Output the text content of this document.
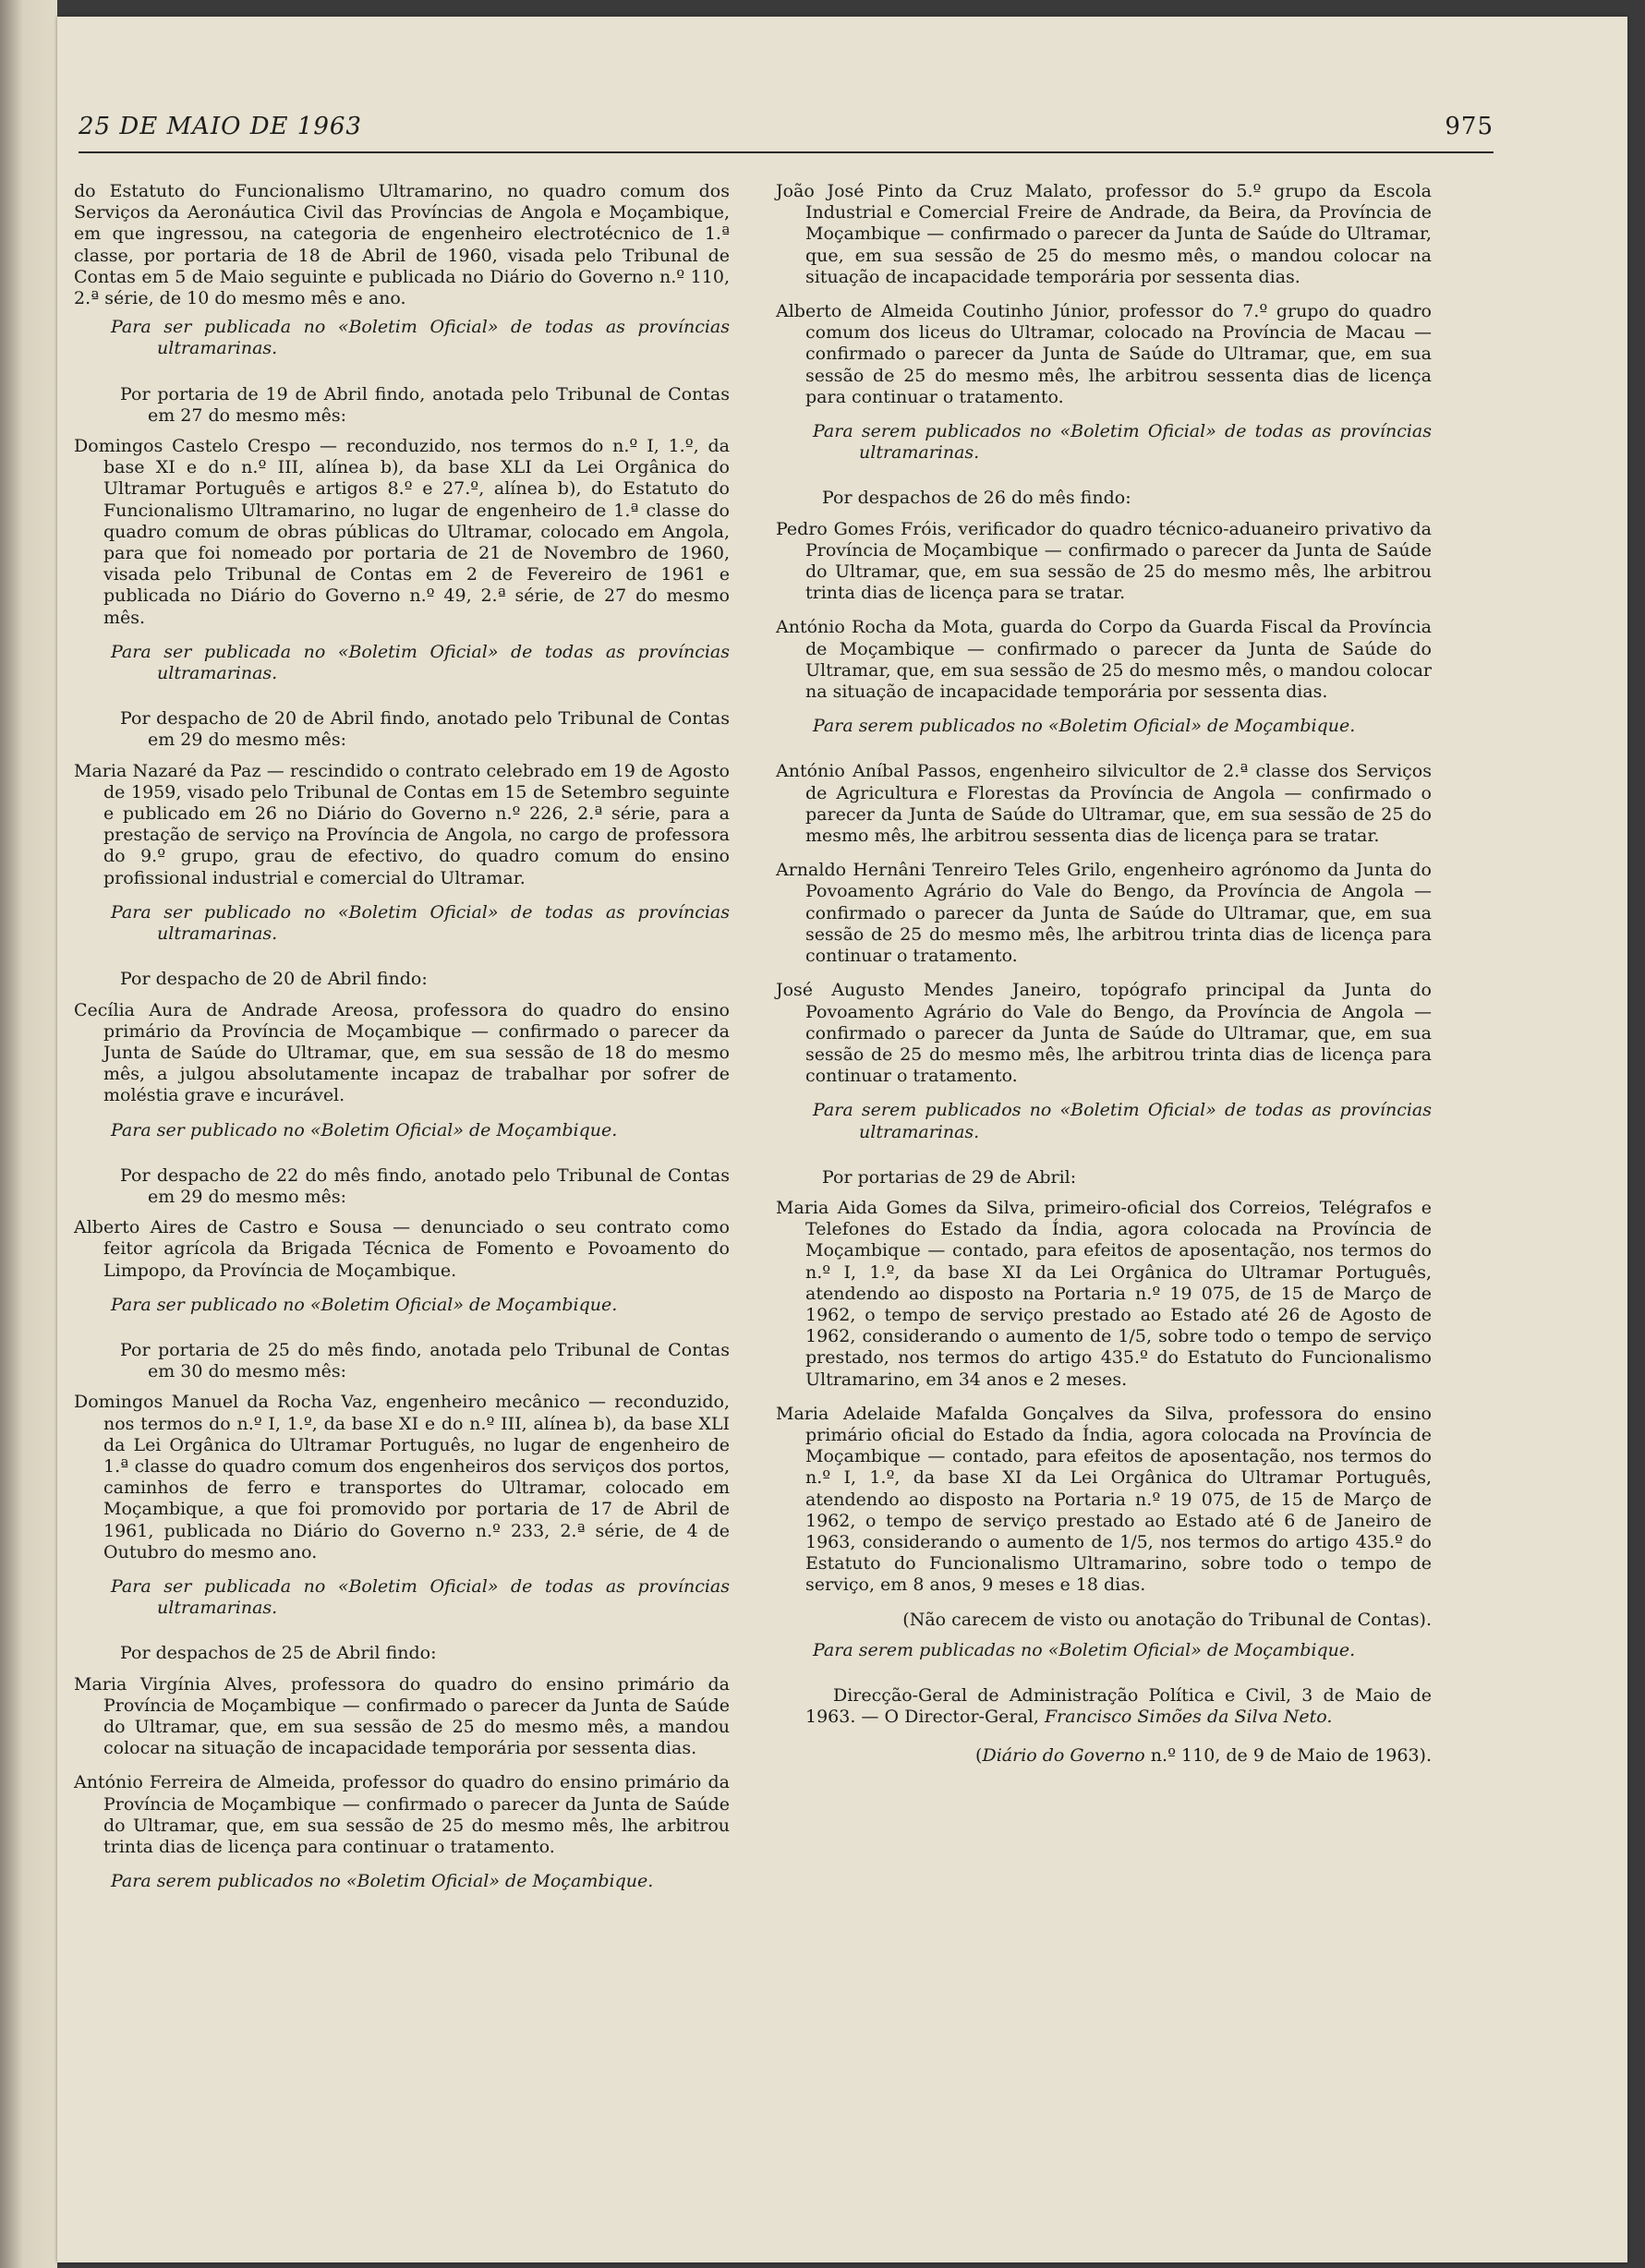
25 DE MAIO DE 1963	975

do Estatuto do Funcionalismo Ultramarino, no quadro comum dos Serviços da Aeronáutica Civil das Províncias de Angola e Moçambique, em que ingressou, na categoria de engenheiro electrotécnico de 1.ª classe, por portaria de 18 de Abril de 1960, visada pelo Tribunal de Contas em 5 de Maio seguinte e publicada no Diário do Governo n.º 110, 2.ª série, de 10 do mesmo mês e ano.

Para ser publicada no «Boletim Oficial» de todas as províncias ultramarinas.

Por portaria de 19 de Abril findo, anotada pelo Tribunal de Contas em 27 do mesmo mês:

Domingos Castelo Crespo — reconduzido, nos termos do n.º I, 1.º, da base XI e do n.º III, alínea b), da base XLI da Lei Orgânica do Ultramar Português e artigos 8.º e 27.º, alínea b), do Estatuto do Funcionalismo Ultramarino, no lugar de engenheiro de 1.ª classe do quadro comum de obras públicas do Ultramar, colocado em Angola, para que foi nomeado por portaria de 21 de Novembro de 1960, visada pelo Tribunal de Contas em 2 de Fevereiro de 1961 e publicada no Diário do Governo n.º 49, 2.ª série, de 27 do mesmo mês.

Para ser publicada no «Boletim Oficial» de todas as províncias ultramarinas.

Por despacho de 20 de Abril findo, anotado pelo Tribunal de Contas em 29 do mesmo mês:

Maria Nazaré da Paz — rescindido o contrato celebrado em 19 de Agosto de 1959, visado pelo Tribunal de Contas em 15 de Setembro seguinte e publicado em 26 no Diário do Governo n.º 226, 2.ª série, para a prestação de serviço na Província de Angola, no cargo de professora do 9.º grupo, grau de efectivo, do quadro comum do ensino profissional industrial e comercial do Ultramar.

Para ser publicado no «Boletim Oficial» de todas as províncias ultramarinas.

Por despacho de 20 de Abril findo:

Cecília Aura de Andrade Areosa, professora do quadro do ensino primário da Província de Moçambique — confirmado o parecer da Junta de Saúde do Ultramar, que, em sua sessão de 18 do mesmo mês, a julgou absolutamente incapaz de trabalhar por sofrer de moléstia grave e incurável.

Para ser publicado no «Boletim Oficial» de Moçambique.

Por despacho de 22 do mês findo, anotado pelo Tribunal de Contas em 29 do mesmo mês:

Alberto Aires de Castro e Sousa — denunciado o seu contrato como feitor agrícola da Brigada Técnica de Fomento e Povoamento do Limpopo, da Província de Moçambique.

Para ser publicado no «Boletim Oficial» de Moçambique.

Por portaria de 25 do mês findo, anotada pelo Tribunal de Contas em 30 do mesmo mês:

Domingos Manuel da Rocha Vaz, engenheiro mecânico — reconduzido, nos termos do n.º I, 1.º, da base XI e do n.º III, alínea b), da base XLI da Lei Orgânica do Ultramar Português, no lugar de engenheiro de 1.ª classe do quadro comum dos engenheiros dos serviços dos portos, caminhos de ferro e transportes do Ultramar, colocado em Moçambique, a que foi promovido por portaria de 17 de Abril de 1961, publicada no Diário do Governo n.º 233, 2.ª série, de 4 de Outubro do mesmo ano.

Para ser publicada no «Boletim Oficial» de todas as províncias ultramarinas.

Por despachos de 25 de Abril findo:

Maria Virgínia Alves, professora do quadro do ensino primário da Província de Moçambique — confirmado o parecer da Junta de Saúde do Ultramar, que, em sua sessão de 25 do mesmo mês, a mandou colocar na situação de incapacidade temporária por sessenta dias.

António Ferreira de Almeida, professor do quadro do ensino primário da Província de Moçambique — confirmado o parecer da Junta de Saúde do Ultramar, que, em sua sessão de 25 do mesmo mês, lhe arbitrou trinta dias de licença para continuar o tratamento.

Para serem publicados no «Boletim Oficial» de Moçambique.

João José Pinto da Cruz Malato, professor do 5.º grupo da Escola Industrial e Comercial Freire de Andrade, da Beira, da Província de Moçambique — confirmado o parecer da Junta de Saúde do Ultramar, que, em sua sessão de 25 do mesmo mês, o mandou colocar na situação de incapacidade temporária por sessenta dias.

Alberto de Almeida Coutinho Júnior, professor do 7.º grupo do quadro comum dos liceus do Ultramar, colocado na Província de Macau — confirmado o parecer da Junta de Saúde do Ultramar, que, em sua sessão de 25 do mesmo mês, lhe arbitrou sessenta dias de licença para continuar o tratamento.

Para serem publicados no «Boletim Oficial» de todas as províncias ultramarinas.

Por despachos de 26 do mês findo:

Pedro Gomes Fróis, verificador do quadro técnico-aduaneiro privativo da Província de Moçambique — confirmado o parecer da Junta de Saúde do Ultramar, que, em sua sessão de 25 do mesmo mês, lhe arbitrou trinta dias de licença para se tratar.

António Rocha da Mota, guarda do Corpo da Guarda Fiscal da Província de Moçambique — confirmado o parecer da Junta de Saúde do Ultramar, que, em sua sessão de 25 do mesmo mês, o mandou colocar na situação de incapacidade temporária por sessenta dias.

Para serem publicados no «Boletim Oficial» de Moçambique.

António Aníbal Passos, engenheiro silvicultor de 2.ª classe dos Serviços de Agricultura e Florestas da Província de Angola — confirmado o parecer da Junta de Saúde do Ultramar, que, em sua sessão de 25 do mesmo mês, lhe arbitrou sessenta dias de licença para se tratar.

Arnaldo Hernâni Tenreiro Teles Grilo, engenheiro agrónomo da Junta do Povoamento Agrário do Vale do Bengo, da Província de Angola — confirmado o parecer da Junta de Saúde do Ultramar, que, em sua sessão de 25 do mesmo mês, lhe arbitrou trinta dias de licença para continuar o tratamento.

José Augusto Mendes Janeiro, topógrafo principal da Junta do Povoamento Agrário do Vale do Bengo, da Província de Angola — confirmado o parecer da Junta de Saúde do Ultramar, que, em sua sessão de 25 do mesmo mês, lhe arbitrou trinta dias de licença para continuar o tratamento.

Para serem publicados no «Boletim Oficial» de todas as províncias ultramarinas.

Por portarias de 29 de Abril:

Maria Aida Gomes da Silva, primeiro-oficial dos Correios, Telégrafos e Telefones do Estado da Índia, agora colocada na Província de Moçambique — contado, para efeitos de aposentação, nos termos do n.º I, 1.º, da base XI da Lei Orgânica do Ultramar Português, atendendo ao disposto na Portaria n.º 19 075, de 15 de Março de 1962, o tempo de serviço prestado ao Estado até 26 de Agosto de 1962, considerando o aumento de 1/5, sobre todo o tempo de serviço prestado, nos termos do artigo 435.º do Estatuto do Funcionalismo Ultramarino, em 34 anos e 2 meses.

Maria Adelaide Mafalda Gonçalves da Silva, professora do ensino primário oficial do Estado da Índia, agora colocada na Província de Moçambique — contado, para efeitos de aposentação, nos termos do n.º I, 1.º, da base XI da Lei Orgânica do Ultramar Português, atendendo ao disposto na Portaria n.º 19 075, de 15 de Março de 1962, o tempo de serviço prestado ao Estado até 6 de Janeiro de 1963, considerando o aumento de 1/5, nos termos do artigo 435.º do Estatuto do Funcionalismo Ultramarino, sobre todo o tempo de serviço, em 8 anos, 9 meses e 18 dias.

(Não carecem de visto ou anotação do Tribunal de Contas).

Para serem publicadas no «Boletim Oficial» de Moçambique.

Direcção-Geral de Administração Política e Civil, 3 de Maio de 1963. — O Director-Geral, Francisco Simões da Silva Neto.

(Diário do Governo n.º 110, de 9 de Maio de 1963).
